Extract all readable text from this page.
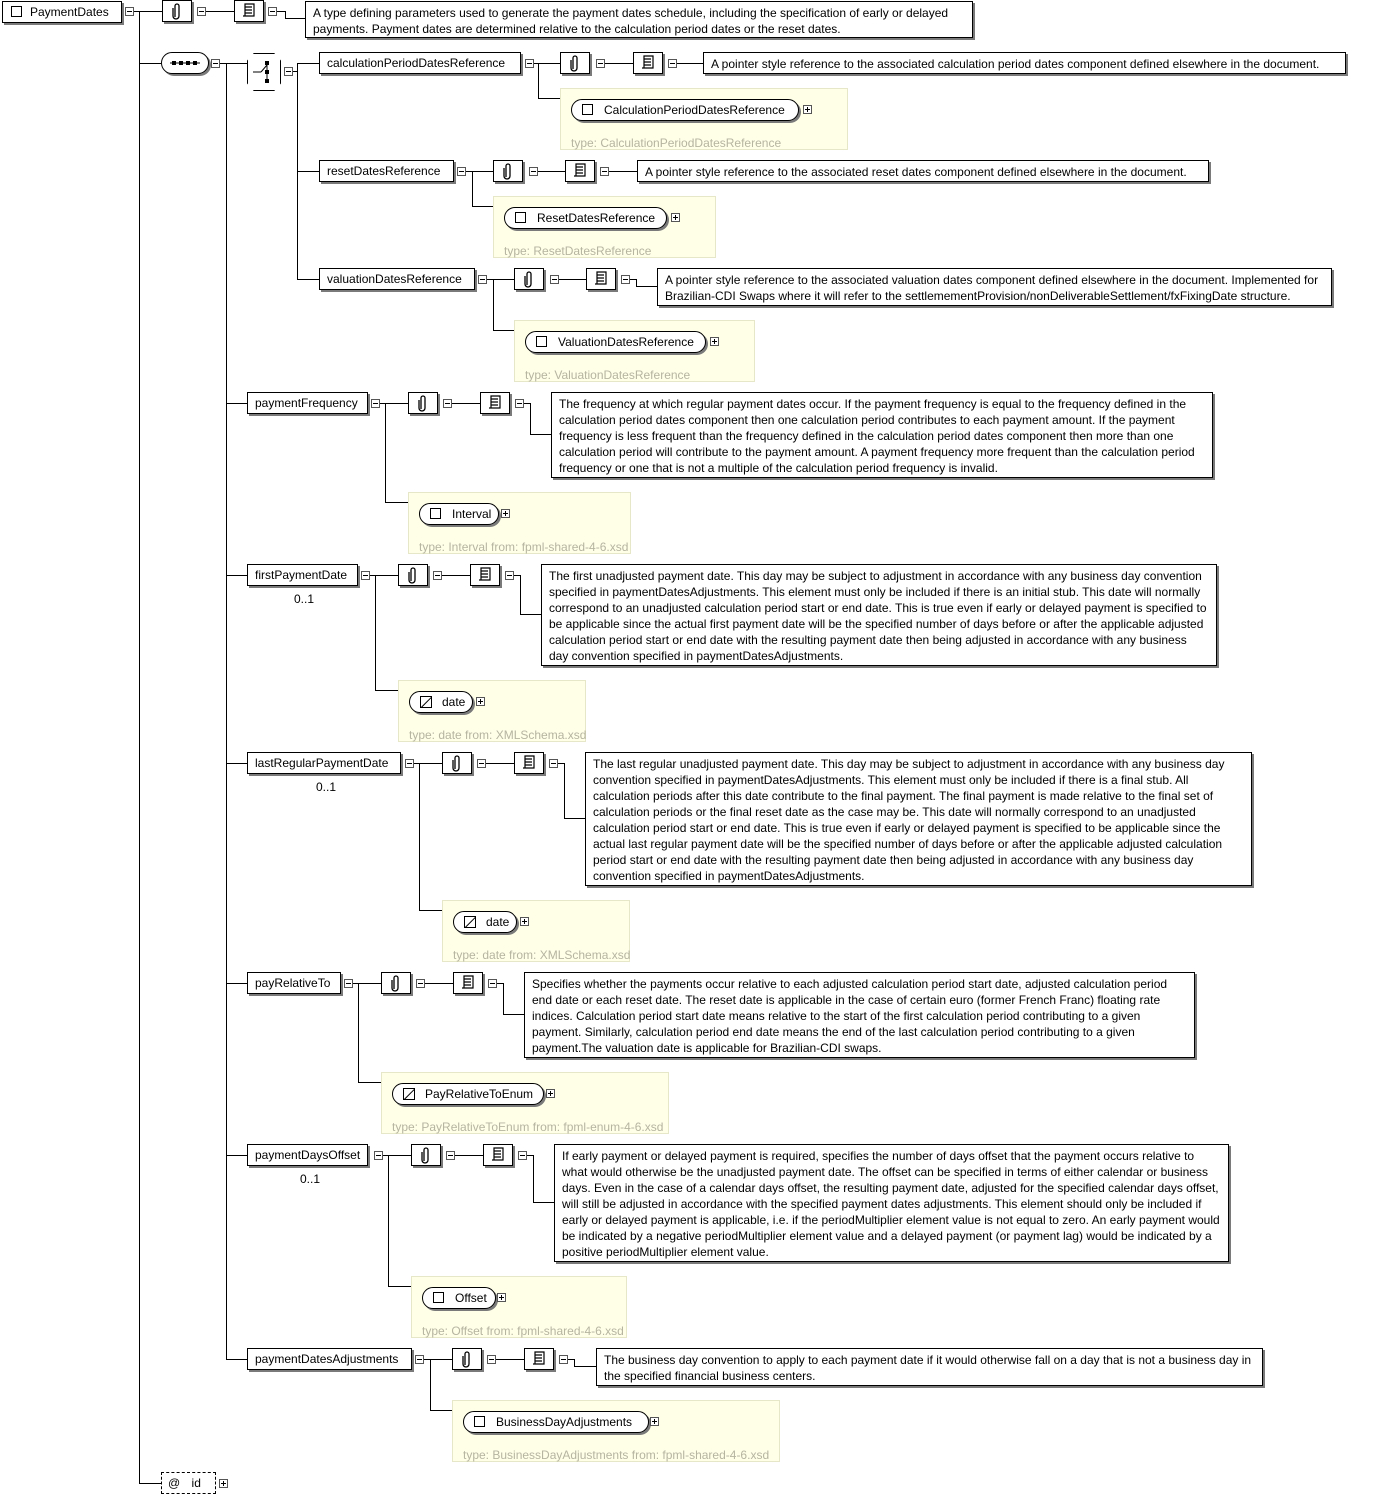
PaymentDates	A type defining parameters used to generate the payment dates schedule, including the specification of early or delayed payments. Payment dates are determined relative to the calculation period dates or the reset dates.
calculationPeriodDatesReference	A pointer style reference to the associated calculation period dates component defined elsewhere in the document.
CalculationPeriodDatesReference
type: CalculationPeriodDatesReference
resetDatesReference	A pointer style reference to the associated reset dates component defined elsewhere in the document.
ResetDatesReference
type: ResetDatesReference
valuationDatesReference	A pointer style reference to the associated valuation dates component defined elsewhere in the document. Implemented for Brazilian-CDI Swaps where it will refer to the settlemementProvision/nonDeliverableSettlement/fxFixingDate structure.
ValuationDatesReference
type: ValuationDatesReference
paymentFrequency	The frequency at which regular payment dates occur. If the payment frequency is equal to the frequency defined in the calculation period dates component then one calculation period contributes to each payment amount. If the payment frequency is less frequent than the frequency defined in the calculation period dates component then more than one calculation period will contribute to the payment amount. A payment frequency more frequent than the calculation period frequency or one that is not a multiple of the calculation period frequency is invalid.
Interval
type: Interval from: fpml-shared-4-6.xsd
firstPaymentDate
0..1
The first unadjusted payment date. This day may be subject to adjustment in accordance with any business day convention specified in paymentDatesAdjustments. This element must only be included if there is an initial stub. This date will normally correspond to an unadjusted calculation period start or end date. This is true even if early or delayed payment is specified to be applicable since the actual first payment date will be the specified number of days before or after the applicable adjusted calculation period start or end date with the resulting payment date then being adjusted in accordance with any business day convention specified in paymentDatesAdjustments.
date
type: date from: XMLSchema.xsd
lastRegularPaymentDate
0..1
The last regular unadjusted payment date. This day may be subject to adjustment in accordance with any business day convention specified in paymentDatesAdjustments. This element must only be included if there is a final stub. All calculation periods after this date contribute to the final payment. The final payment is made relative to the final set of calculation periods or the final reset date as the case may be. This date will normally correspond to an unadjusted calculation period start or end date. This is true even if early or delayed payment is specified to be applicable since the actual last regular payment date will be the specified number of days before or after the applicable adjusted calculation period start or end date with the resulting payment date then being adjusted in accordance with any business day convention specified in paymentDatesAdjustments.
date
type: date from: XMLSchema.xsd
payRelativeTo	Specifies whether the payments occur relative to each adjusted calculation period start date, adjusted calculation period end date or each reset date. The reset date is applicable in the case of certain euro (former French Franc) floating rate indices. Calculation period start date means relative to the start of the first calculation period contributing to a given payment. Similarly, calculation period end date means the end of the last calculation period contributing to a given payment.The valuation date is applicable for Brazilian-CDI swaps.
PayRelativeToEnum
type: PayRelativeToEnum from: fpml-enum-4-6.xsd
paymentDaysOffset
0..1
If early payment or delayed payment is required, specifies the number of days offset that the payment occurs relative to what would otherwise be the unadjusted payment date. The offset can be specified in terms of either calendar or business days. Even in the case of a calendar days offset, the resulting payment date, adjusted for the specified calendar days offset, will still be adjusted in accordance with the specified payment dates adjustments. This element should only be included if early or delayed payment is applicable, i.e. if the periodMultiplier element value is not equal to zero. An early payment would be indicated by a negative periodMultiplier element value and a delayed payment (or payment lag) would be indicated by a positive periodMultiplier element value.
Offset
type: Offset from: fpml-shared-4-6.xsd
paymentDatesAdjustments	The business day convention to apply to each payment date if it would otherwise fall on a day that is not a business day in the specified financial business centers.
BusinessDayAdjustments
type: BusinessDayAdjustments from: fpml-shared-4-6.xsd
@ id
